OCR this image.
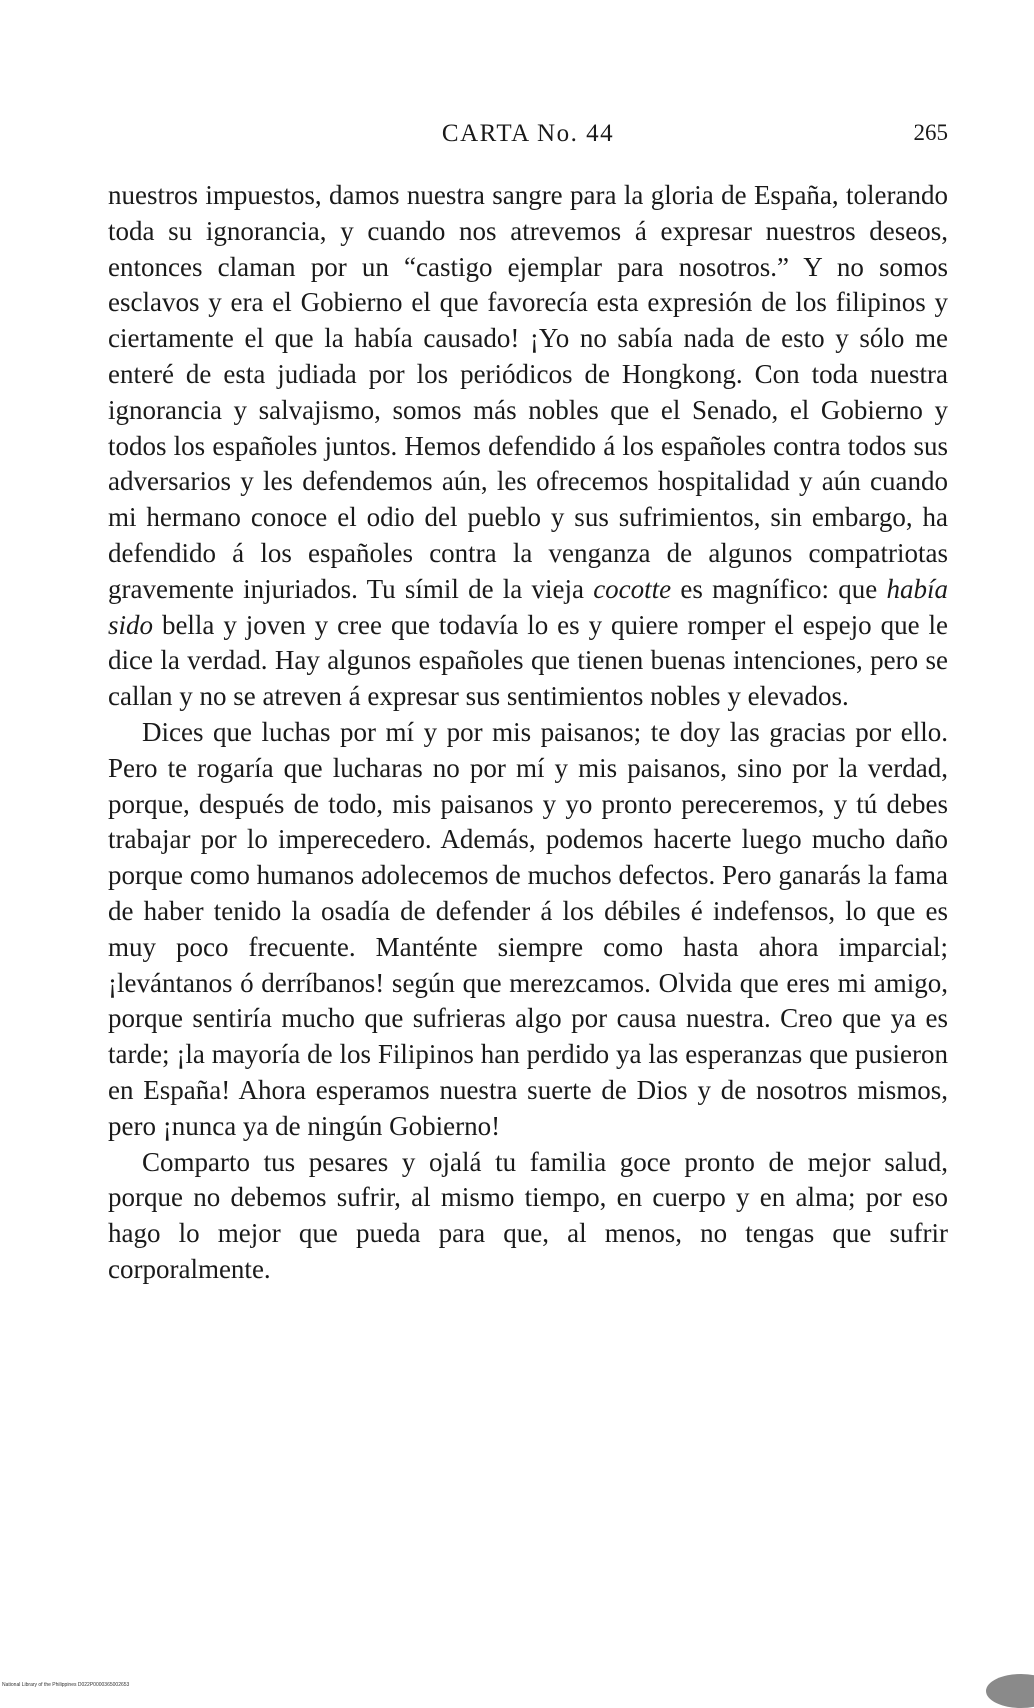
CARTA No. 44	265

nuestros impuestos, damos nuestra sangre para la gloria de España, tolerando toda su ignorancia, y cuando nos atrevemos á expresar nuestros deseos, entonces claman por un “castigo ejemplar para nosotros.” Y no somos esclavos y era el Gobierno el que favorecía esta expresión de los filipinos y ciertamente el que la había causado! ¡Yo no sabía nada de esto y sólo me enteré de esta judiada por los periódicos de Hongkong. Con toda nuestra ignorancia y salvajismo, somos más nobles que el Senado, el Gobierno y todos los españoles juntos. Hemos defendido á los españoles contra todos sus adversarios y les defendemos aún, les ofrecemos hospitalidad y aún cuando mi hermano conoce el odio del pueblo y sus sufrimientos, sin embargo, ha defendido á los españoles contra la venganza de algunos compatriotas gravemente injuriados. Tu símil de la vieja cocotte es magnífico: que había sido bella y joven y cree que todavía lo es y quiere romper el espejo que le dice la verdad. Hay algunos españoles que tienen buenas intenciones, pero se callan y no se atreven á expresar sus sentimientos nobles y elevados.

Dices que luchas por mí y por mis paisanos; te doy las gracias por ello. Pero te rogaría que lucharas no por mí y mis paisanos, sino por la verdad, porque, después de todo, mis paisanos y yo pronto pereceremos, y tú debes trabajar por lo imperecedero. Además, podemos hacerte luego mucho daño porque como humanos adolecemos de muchos defectos. Pero ganarás la fama de haber tenido la osadía de defender á los débiles é indefensos, lo que es muy poco frecuente. Manténte siempre como hasta ahora imparcial; ¡levántanos ó derríbanos! según que merezcamos. Olvida que eres mi amigo, porque sentiría mucho que sufrieras algo por causa nuestra. Creo que ya es tarde; ¡la mayoría de los Filipinos han perdido ya las esperanzas que pusieron en España! Ahora esperamos nuestra suerte de Dios y de nosotros mismos, pero ¡nunca ya de ningún Gobierno!

Comparto tus pesares y ojalá tu familia goce pronto de mejor salud, porque no debemos sufrir, al mismo tiempo, en cuerpo y en alma; por eso hago lo mejor que pueda para que, al menos, no tengas que sufrir corporalmente.

National Library of the Philippines D022P0000365002653
